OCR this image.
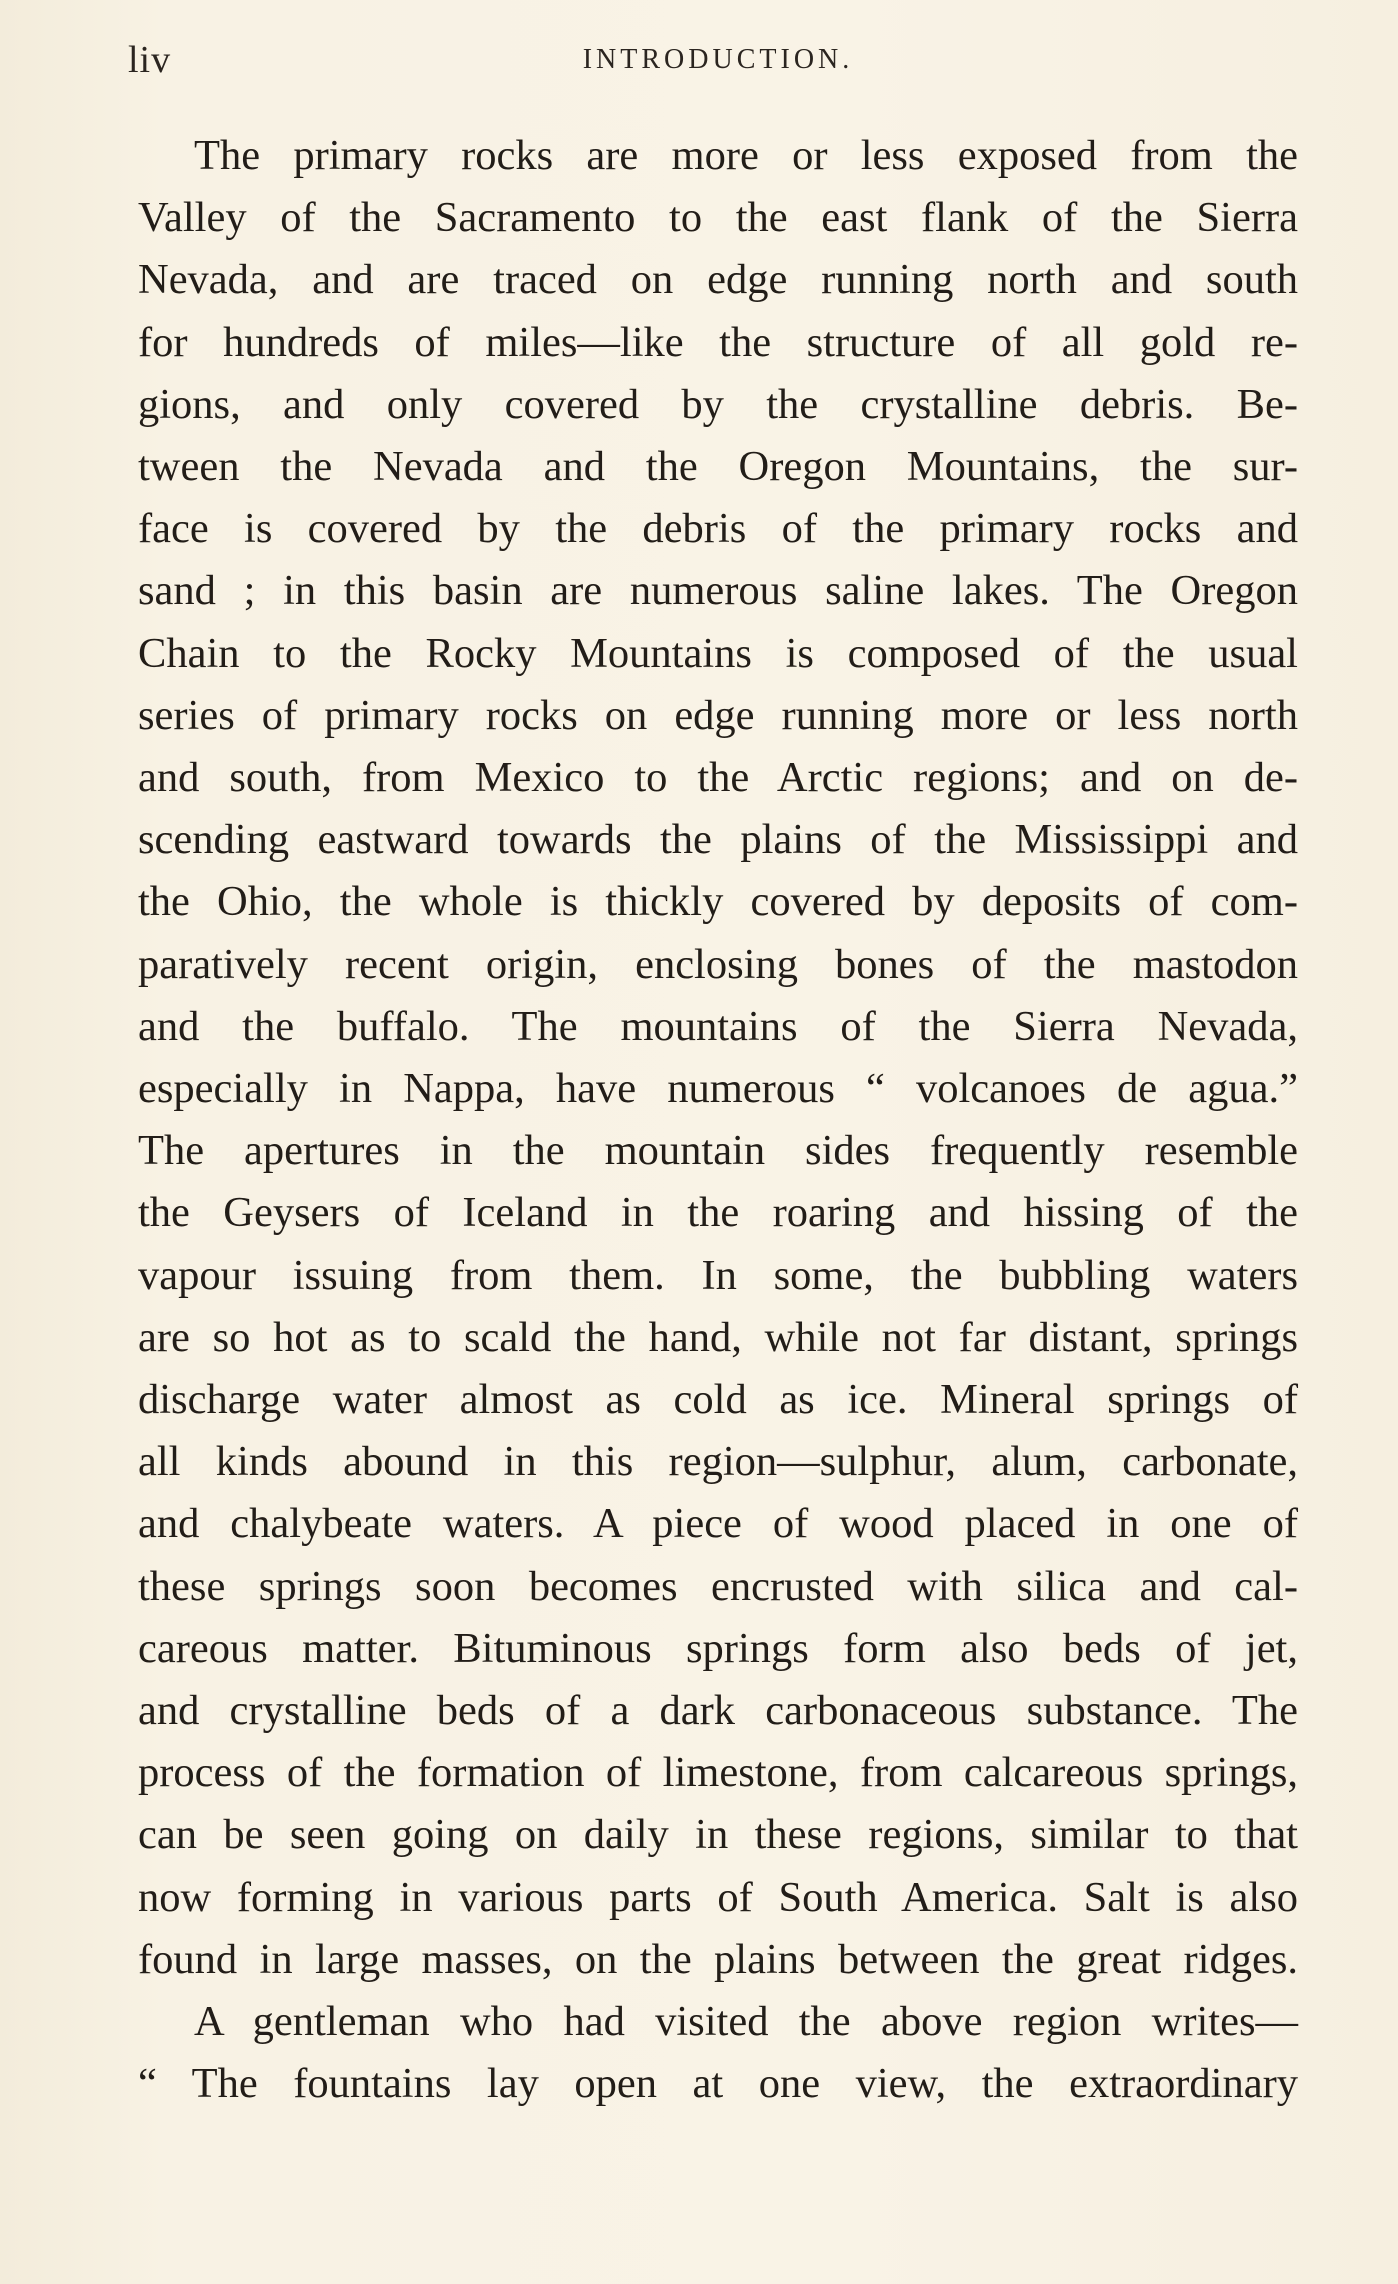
liv	INTRODUCTION.
The primary rocks are more or less exposed from the
Valley of the Sacramento to the east flank of the Sierra
Nevada, and are traced on edge running north and south
for hundreds of miles—like the structure of all gold re-
gions, and only covered by the crystalline debris. Be-
tween the Nevada and the Oregon Mountains, the sur-
face is covered by the debris of the primary rocks and
sand ; in this basin are numerous saline lakes. The Oregon
Chain to the Rocky Mountains is composed of the usual
series of primary rocks on edge running more or less north
and south, from Mexico to the Arctic regions; and on de-
scending eastward towards the plains of the Mississippi and
the Ohio, the whole is thickly covered by deposits of com-
paratively recent origin, enclosing bones of the mastodon
and the buffalo. The mountains of the Sierra Nevada,
especially in Nappa, have numerous “ volcanoes de agua.”
The apertures in the mountain sides frequently resemble
the Geysers of Iceland in the roaring and hissing of the
vapour issuing from them. In some, the bubbling waters
are so hot as to scald the hand, while not far distant, springs
discharge water almost as cold as ice. Mineral springs of
all kinds abound in this region—sulphur, alum, carbonate,
and chalybeate waters. A piece of wood placed in one of
these springs soon becomes encrusted with silica and cal-
careous matter. Bituminous springs form also beds of jet,
and crystalline beds of a dark carbonaceous substance. The
process of the formation of limestone, from calcareous springs,
can be seen going on daily in these regions, similar to that
now forming in various parts of South America. Salt is also
found in large masses, on the plains between the great ridges.
A gentleman who had visited the above region writes—
“ The fountains lay open at one view, the extraordinary
